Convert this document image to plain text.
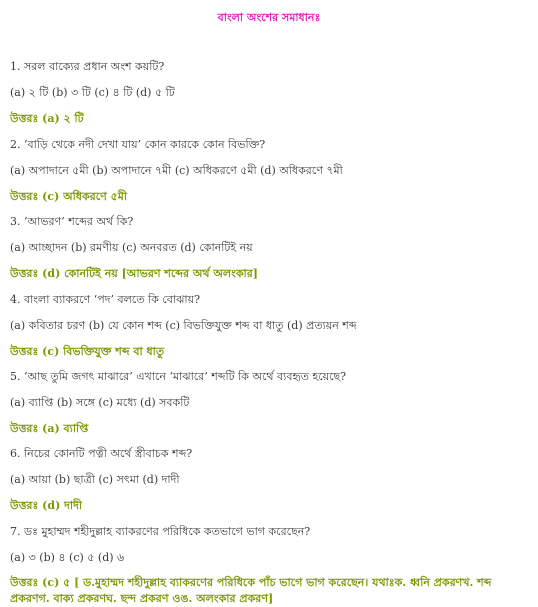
বাংলা অংশের সমাধানঃ
1. সরল বাক্যের প্রধান অংশ কয়টি?
(a) ২ টি (b) ৩ টি (c) ৪ টি (d) ৫ টি
উত্তরঃ (a) ২ টি
2. ‘বাড়ি থেকে নদী দেখা যায়’ কোন কারকে কোন বিভক্তি?
(a) অপাদানে ৫মী (b) অপাদানে ৭মী (c) অধিকরণে ৫মী (d) অধিকরণে ৭মী
উত্তরঃ (c) অধিকরণে ৫মী
3. ‘আভরণ’ শব্দের অর্থ কি?
(a) আচ্ছাদন (b) রমণীয় (c) অনবরত (d) কোনটিই নয়
উত্তরঃ (d) কোনটিই নয় [আভরণ শব্দের অর্থ অলংকার]
4. বাংলা ব্যাকরণে ‘পদ’ বলতে কি বোঝায়?
(a) কবিতার চরণ (b) যে কোন শব্দ (c) বিভক্তিযুক্ত শব্দ বা ধাতু (d) প্রত্যয়ন শব্দ
উত্তরঃ (c) বিভক্তিযুক্ত শব্দ বা ধাতু
5. ‘আছ তুমি জগৎ মাঝারে’ এখানে ‘মাঝারে’ শব্দটি কি অর্থে ব্যবহৃত হয়েছে?
(a) ব্যাপ্তি (b) সঙ্গে (c) মধ্যে (d) সবকটি
উত্তরঃ (a) ব্যাপ্তি
6. নিচের কোনটি পত্নী অর্থে স্ত্রীবাচক শব্দ?
(a) আয়া (b) ছাত্রী (c) সৎমা (d) দাদী
উত্তরঃ (d) দাদী
7. ডঃ মুহাম্মদ শহীদুল্লাহ ব্যাকরণের পরিধিকে কতভাগে ভাগ করেছেন?
(a) ৩ (b) ৪ (c) ৫ (d) ৬
উত্তরঃ (c) ৫ [ ড.মুহাম্মদ শহীদুল্লাহ ব্যাকরণের পরিধিকে পাঁচ ভাগে ভাগ করেছেন। যথাঃক. ধ্বনি প্রকরণখ. শব্দ প্রকরণগ. বাক্য প্রকরণঘ. ছন্দ প্রকরণ ওঙ. অলংকার প্রকরণ]
